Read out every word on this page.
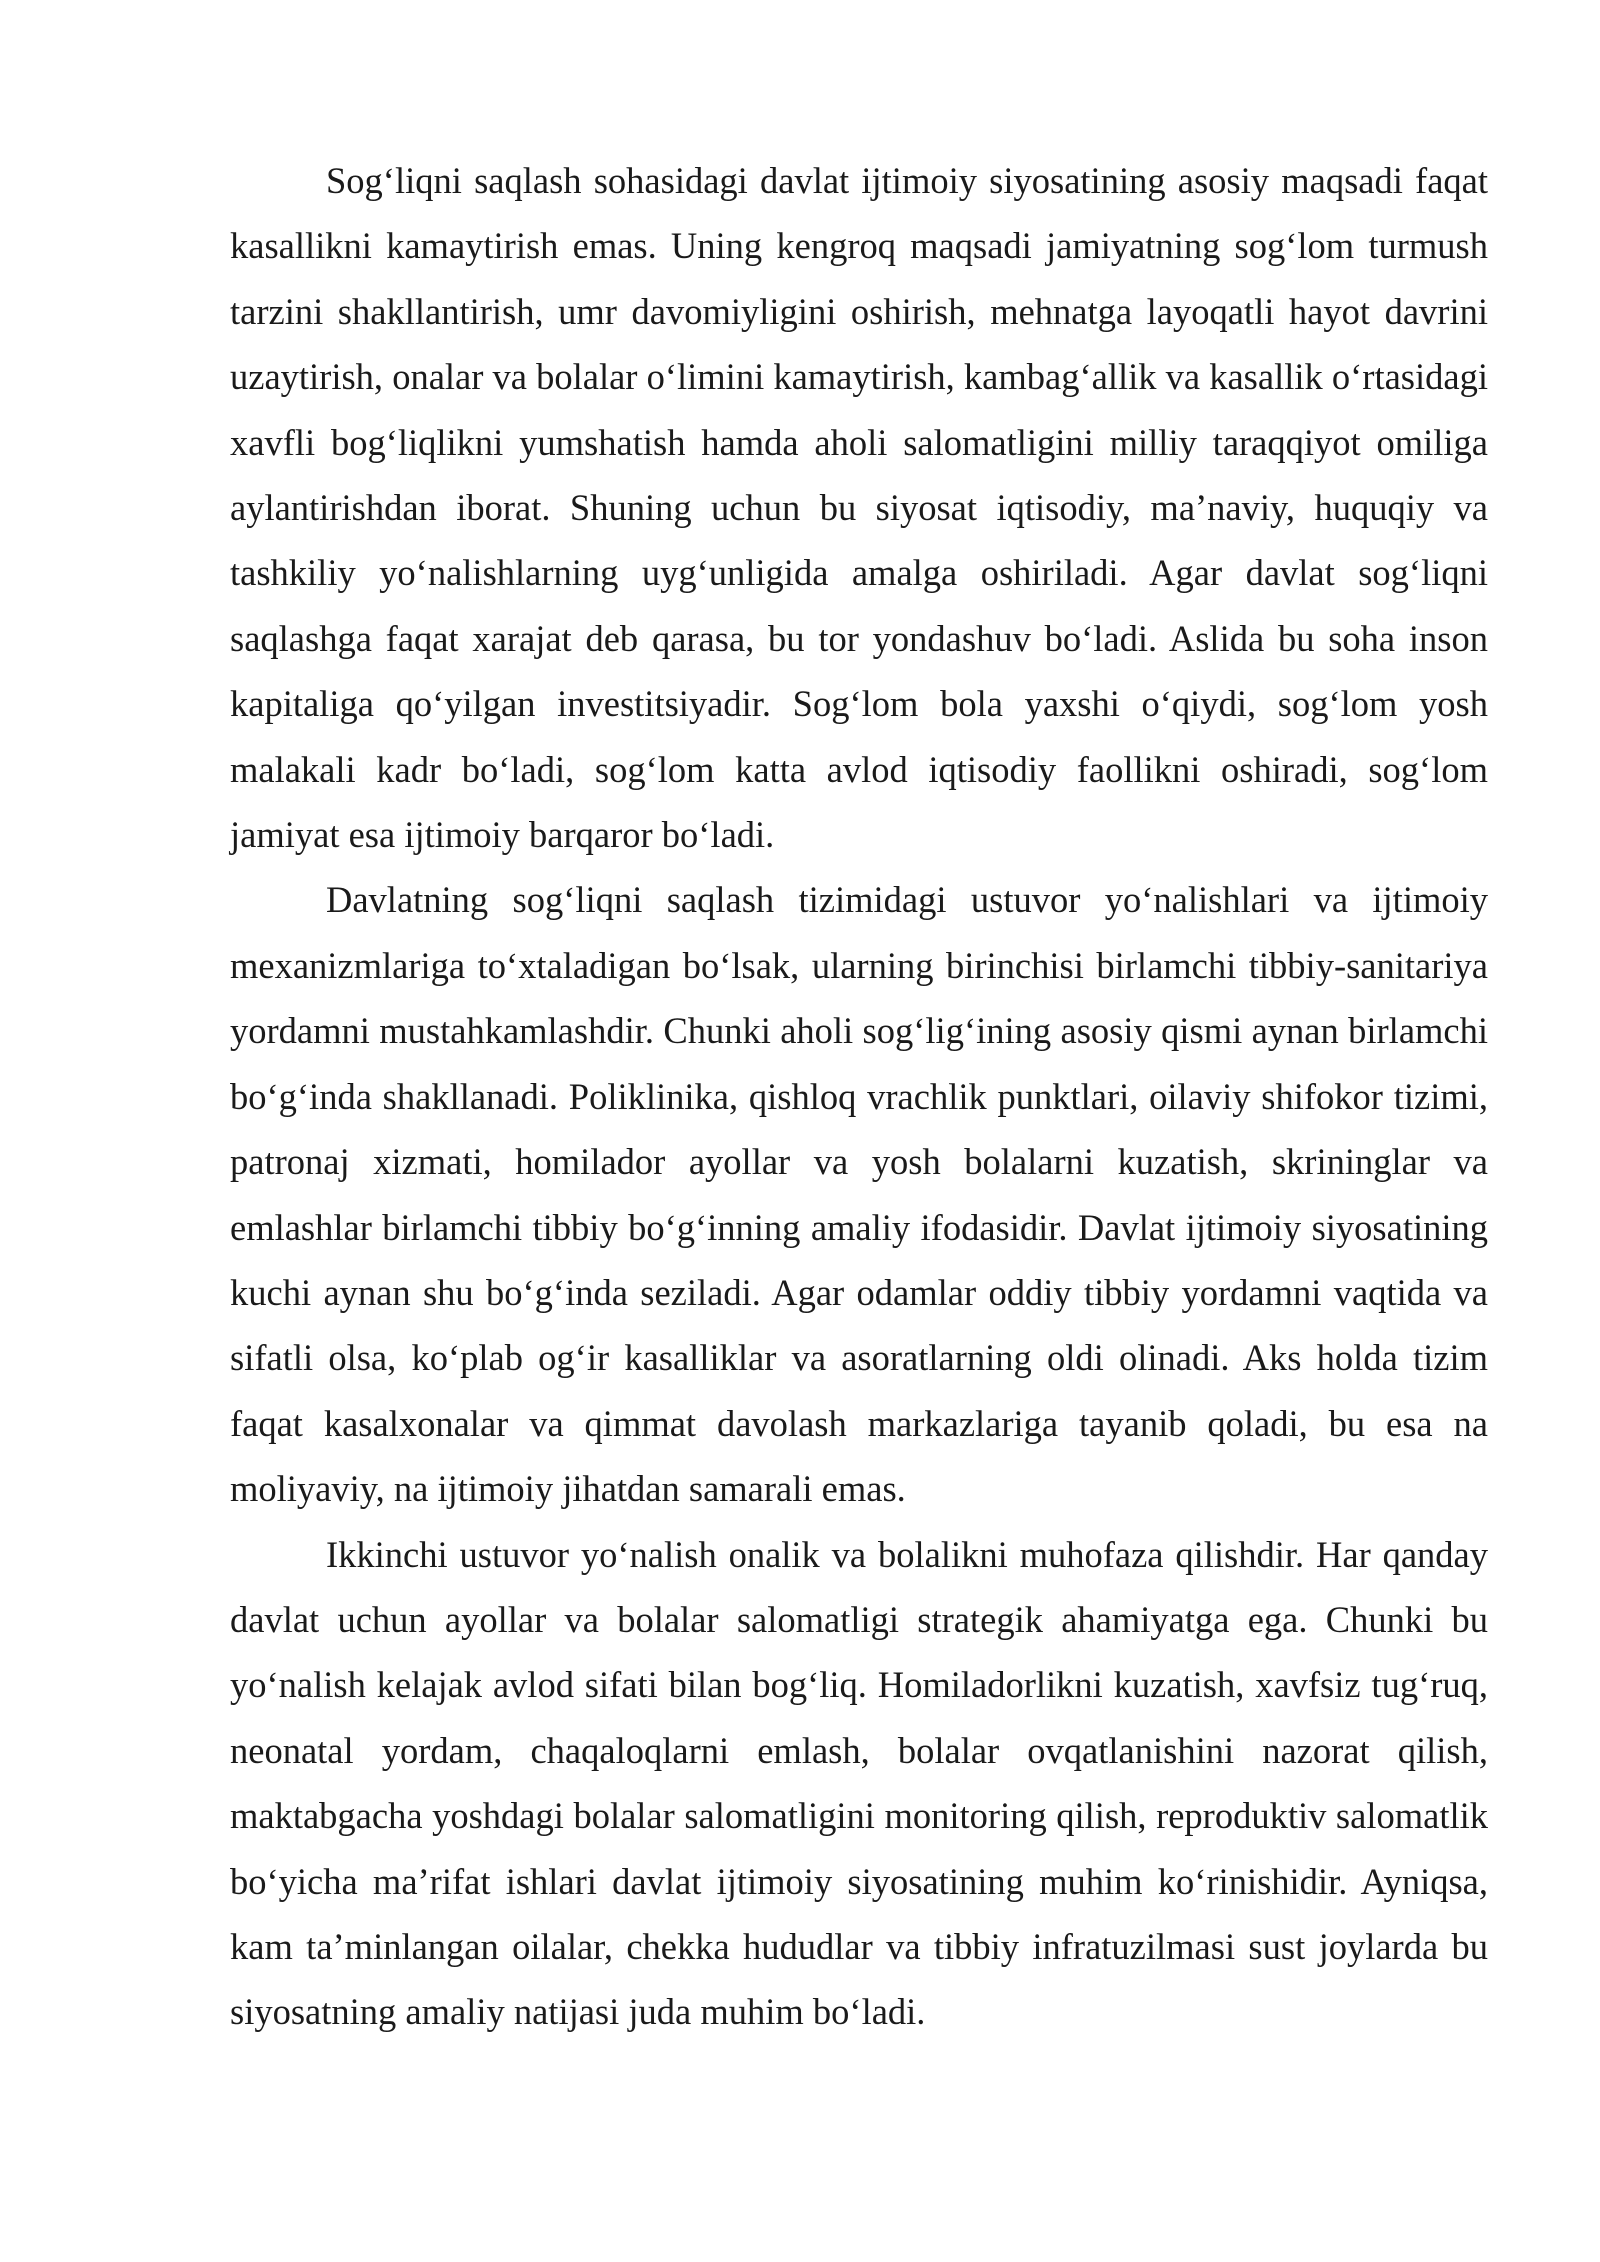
Sog‘liqni saqlash sohasidagi davlat ijtimoiy siyosatining asosiy maqsadi faqat kasallikni kamaytirish emas. Uning kengroq maqsadi jamiyatning sog‘lom turmush tarzini shakllantirish, umr davomiyligini oshirish, mehnatga layoqatli hayot davrini uzaytirish, onalar va bolalar o‘limini kamaytirish, kambag‘allik va kasallik o‘rtasidagi xavfli bog‘liqlikni yumshatish hamda aholi salomatligini milliy taraqqiyot omiliga aylantirishdan iborat. Shuning uchun bu siyosat iqtisodiy, ma’naviy, huquqiy va tashkiliy yo‘nalishlarning uyg‘unligida amalga oshiriladi. Agar davlat sog‘liqni saqlashga faqat xarajat deb qarasa, bu tor yondashuv bo‘ladi. Aslida bu soha inson kapitaliga qo‘yilgan investitsiyadir. Sog‘lom bola yaxshi o‘qiydi, sog‘lom yosh malakali kadr bo‘ladi, sog‘lom katta avlod iqtisodiy faollikni oshiradi, sog‘lom jamiyat esa ijtimoiy barqaror bo‘ladi.

Davlatning sog‘liqni saqlash tizimidagi ustuvor yo‘nalishlari va ijtimoiy mexanizmlariga to‘xtaladigan bo‘lsak, ularning birinchisi birlamchi tibbiy-sanitariya yordamni mustahkamlashdir. Chunki aholi sog‘lig‘ining asosiy qismi aynan birlamchi bo‘g‘inda shakllanadi. Poliklinika, qishloq vrachlik punktlari, oilaviy shifokor tizimi, patronaj xizmati, homilador ayollar va yosh bolalarni kuzatish, skrininglar va emlashlar birlamchi tibbiy bo‘g‘inning amaliy ifodasidir. Davlat ijtimoiy siyosatining kuchi aynan shu bo‘g‘inda seziladi. Agar odamlar oddiy tibbiy yordamni vaqtida va sifatli olsa, ko‘plab og‘ir kasalliklar va asoratlarning oldi olinadi. Aks holda tizim faqat kasalxonalar va qimmat davolash markazlariga tayanib qoladi, bu esa na moliyaviy, na ijtimoiy jihatdan samarali emas.

Ikkinchi ustuvor yo‘nalish onalik va bolalikni muhofaza qilishdir. Har qanday davlat uchun ayollar va bolalar salomatligi strategik ahamiyatga ega. Chunki bu yo‘nalish kelajak avlod sifati bilan bog‘liq. Homiladorlikni kuzatish, xavfsiz tug‘ruq, neonatal yordam, chaqaloqlarni emlash, bolalar ovqatlanishini nazorat qilish, maktabgacha yoshdagi bolalar salomatligini monitoring qilish, reproduktiv salomatlik bo‘yicha ma’rifat ishlari davlat ijtimoiy siyosatining muhim ko‘rinishidir. Ayniqsa, kam ta’minlangan oilalar, chekka hududlar va tibbiy infratuzilmasi sust joylarda bu siyosatning amaliy natijasi juda muhim bo‘ladi.
